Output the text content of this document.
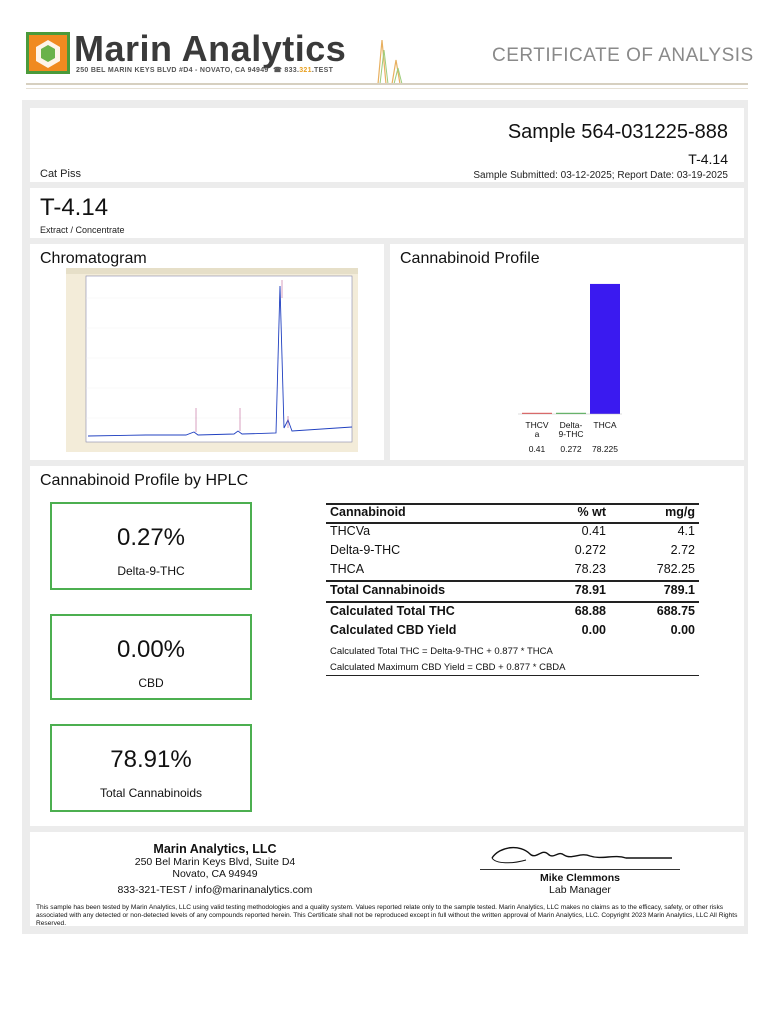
Marin Analytics
250 BEL MARIN KEYS BLVD #D4 - NOVATO, CA 94949 ☎ 833.321.TEST
CERTIFICATE OF ANALYSIS
Sample 564-031225-888
T-4.14
Cat Piss	Sample Submitted: 03-12-2025; Report Date: 03-19-2025
T-4.14
Extract / Concentrate
Chromatogram	Cannabinoid Profile
THCV
a
0.41
Delta-
9-THC
0.272
THCA
78.225
Cannabinoid Profile by HPLC
0.27%
Delta-9-THC
0.00%
CBD
78.91%
Total Cannabinoids
Cannabinoid	% wt	mg/g
THCVa	0.41	4.1
Delta-9-THC	0.272	2.72
THCA	78.23	782.25
Total Cannabinoids	78.91	789.1
Calculated Total THC	68.88	688.75
Calculated CBD Yield	0.00	0.00
Calculated Total THC = Delta-9-THC + 0.877 * THCA
Calculated Maximum CBD Yield = CBD + 0.877 * CBDA
Marin Analytics, LLC
250 Bel Marin Keys Blvd, Suite D4
Novato, CA 94949
833-321-TEST / info@marinanalytics.com
Mike Clemmons
Lab Manager
This sample has been tested by Marin Analytics, LLC using valid testing methodologies and a quality system. Values reported relate only to the sample tested. Marin Analytics, LLC makes no claims as to the efficacy, safety, or other risks associated with any detected or non-detected levels of any compounds reported herein. This Certificate shall not be reproduced except in full without the written approval of Marin Analytics, LLC. Copyright 2023 Marin Analytics, LLC All Rights Reserved.
